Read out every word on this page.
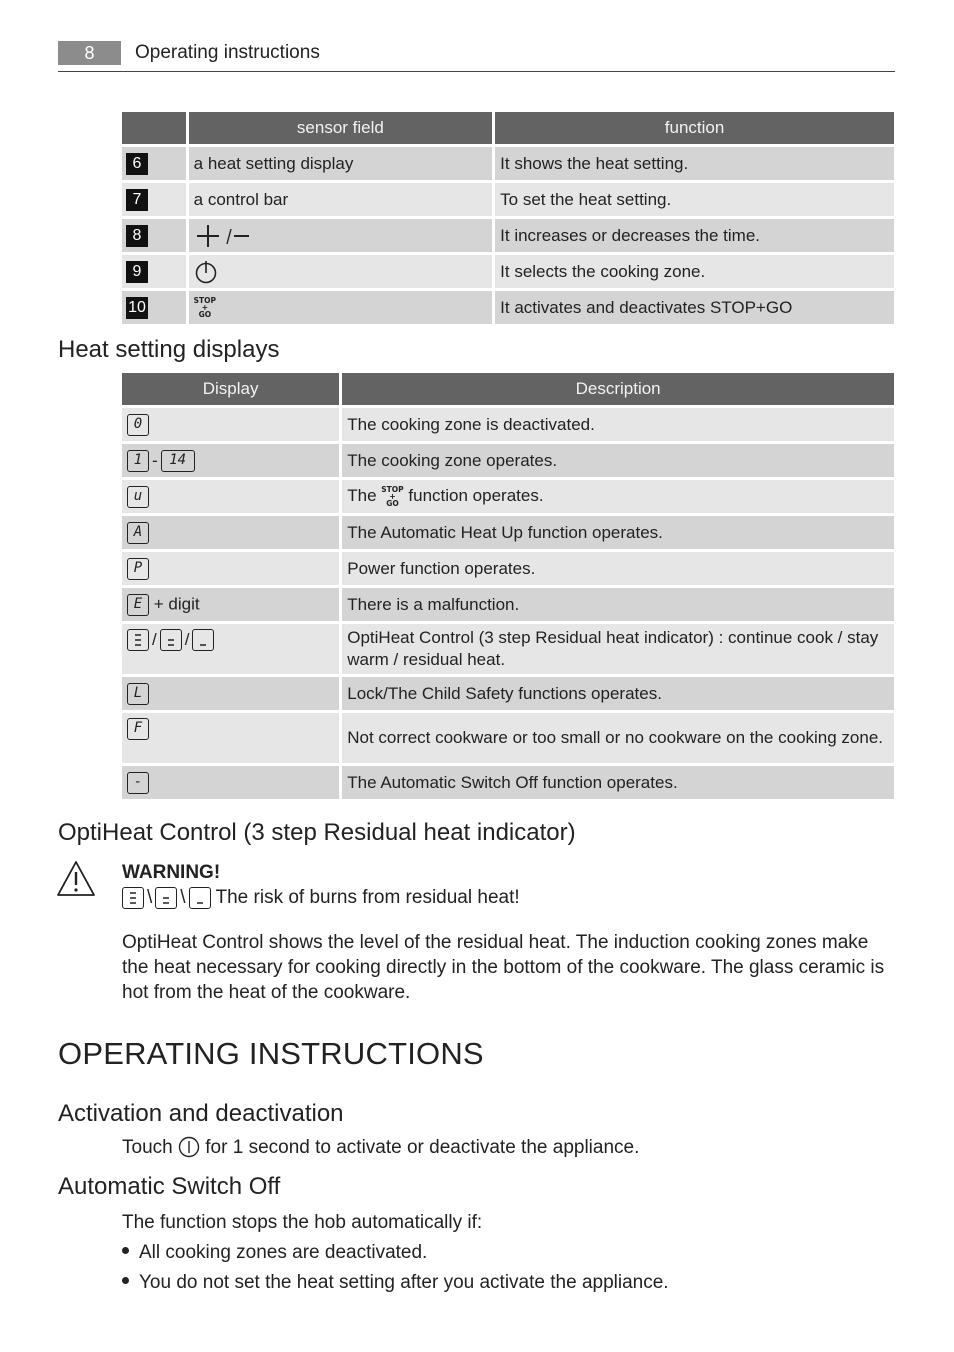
8	Operating instructions
	sensor field	function
6	a heat setting display	It shows the heat setting.
7	a control bar	To set the heat setting.
8		It increases or decreases the time.
9		It selects the cooking zone.
10	STOP
+
GO	It activates and deactivates STOP+GO
Heat setting displays
Display	Description
0	The cooking zone is deactivated.
1 - 14	The cooking zone operates.
u	The STOP
+
GO function operates.
A	The Automatic Heat Up function operates.
P	Power function operates.
E + digit	There is a malfunction.

/ /	OptiHeat Control (3 step Residual heat indicator) : continue cook / stay warm / residual heat.
L	Lock/The Child Safety functions operates.
F	Not correct cookware or too small or no cookware on the cooking zone.
-	The Automatic Switch Off function operates.
OptiHeat Control (3 step Residual heat indicator)
WARNING!
\ \ The risk of burns from residual heat!
OptiHeat Control shows the level of the residual heat. The induction cooking zones make the heat necessary for cooking directly in the bottom of the cookware. The glass ceramic is hot from the heat of the cookware.
OPERATING INSTRUCTIONS
Activation and deactivation
Touch for 1 second to activate or deactivate the appliance.
Automatic Switch Off
The function stops the hob automatically if:
All cooking zones are deactivated.
You do not set the heat setting after you activate the appliance.
